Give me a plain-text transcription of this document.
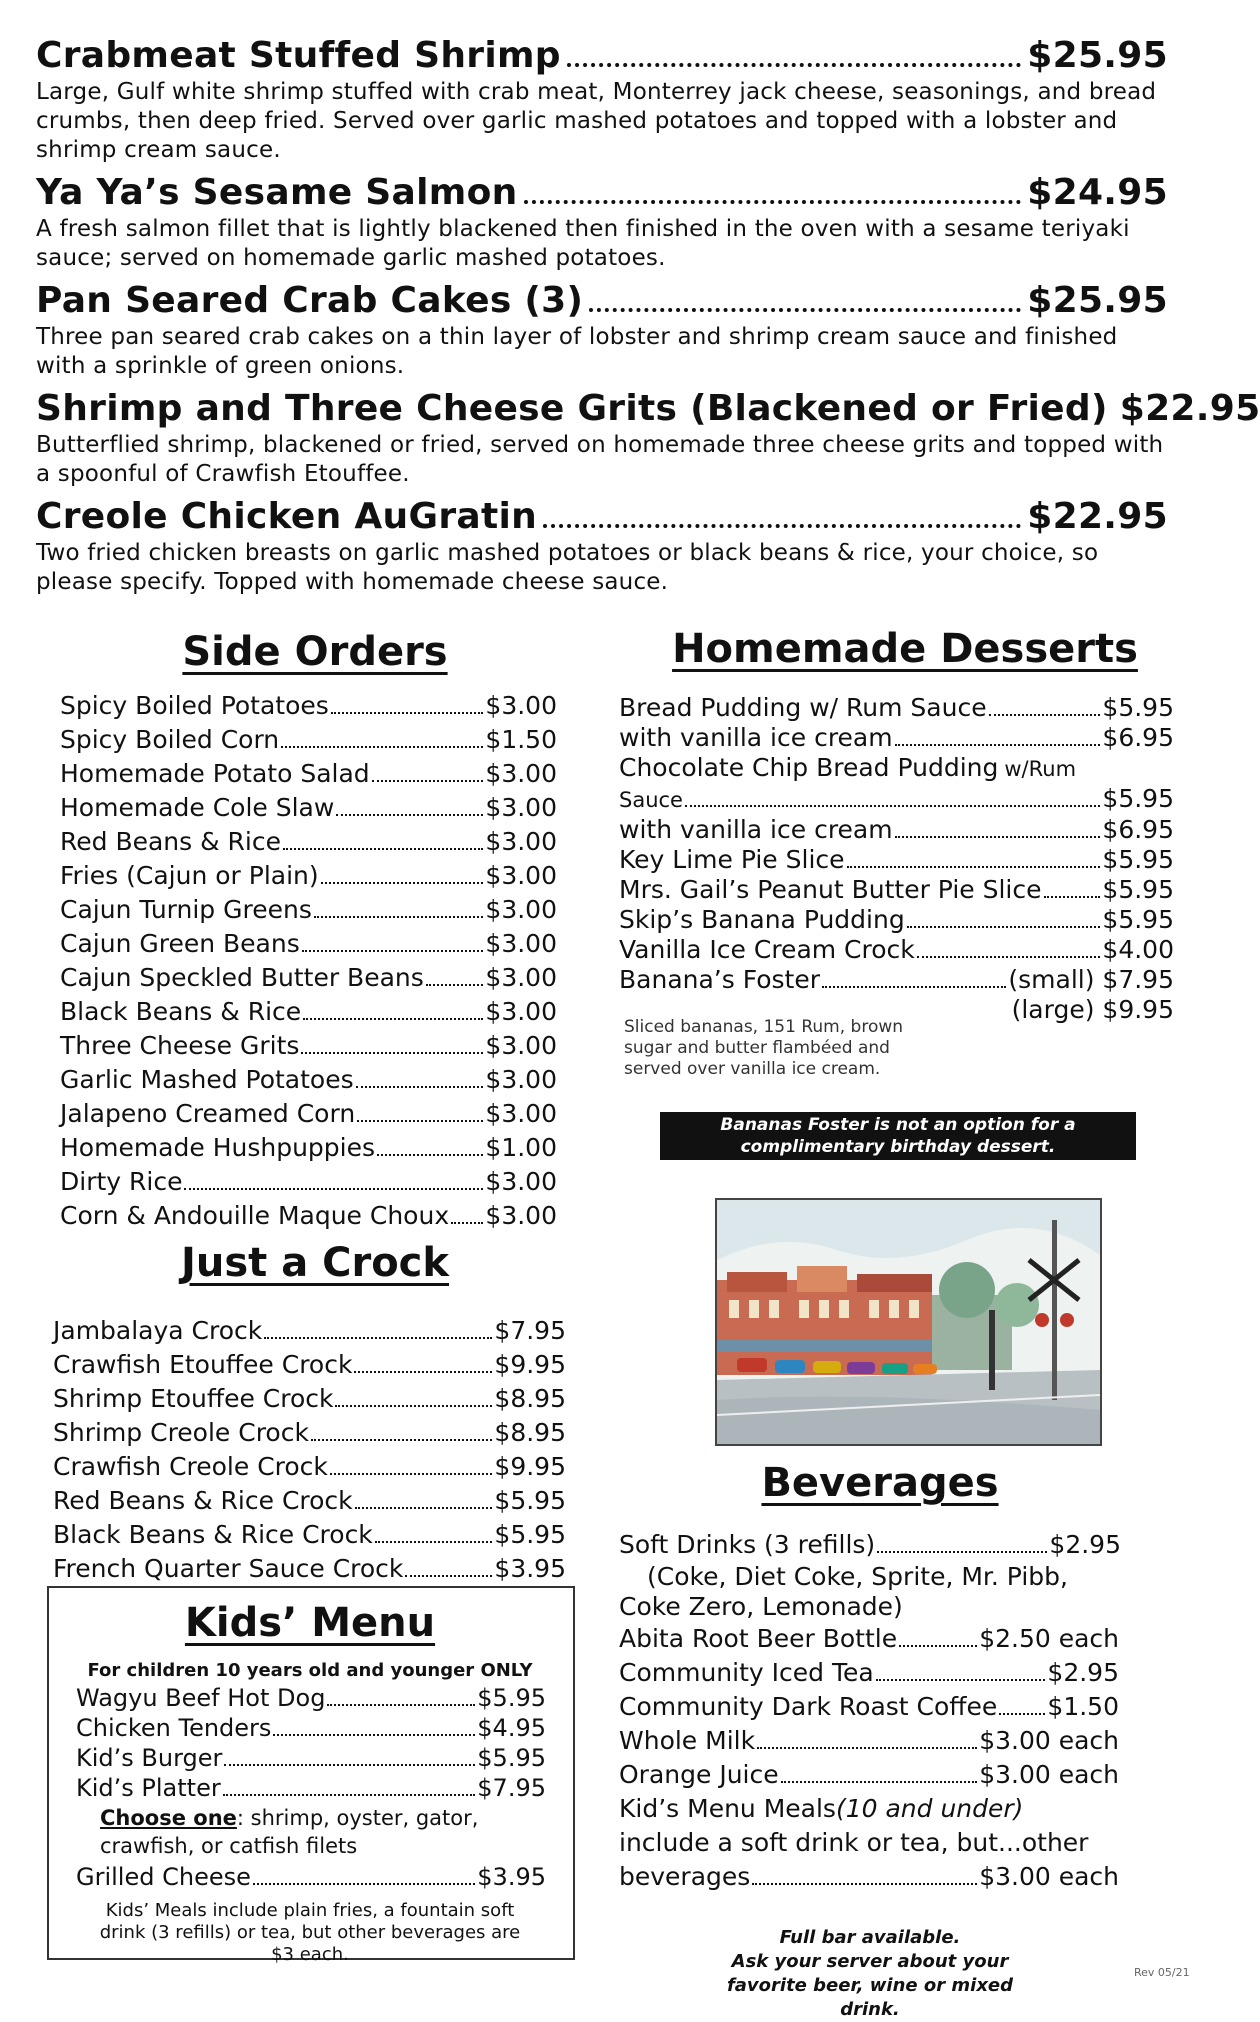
Crabmeat Stuffed Shrimp	$25.95
Large, Gulf white shrimp stuffed with crab meat, Monterrey jack cheese, seasonings, and bread crumbs, then deep fried. Served over garlic mashed potatoes and topped with a lobster and shrimp cream sauce.
Ya Ya’s Sesame Salmon	$24.95
A fresh salmon fillet that is lightly blackened then finished in the oven with a sesame teriyaki sauce; served on homemade garlic mashed potatoes.
Pan Seared Crab Cakes (3)	$25.95
Three pan seared crab cakes on a thin layer of lobster and shrimp cream sauce and finished with a sprinkle of green onions.
Shrimp and Three Cheese Grits (Blackened or Fried) $22.95
Butterflied shrimp, blackened or fried, served on homemade three cheese grits and topped with a spoonful of Crawfish Etouffee.
Creole Chicken AuGratin	$22.95
Two fried chicken breasts on garlic mashed potatoes or black beans & rice, your choice, so please specify. Topped with homemade cheese sauce.
Side Orders
Spicy Boiled Potatoes	$3.00
Spicy Boiled Corn	$1.50
Homemade Potato Salad	$3.00
Homemade Cole Slaw	$3.00
Red Beans & Rice	$3.00
Fries (Cajun or Plain)	$3.00
Cajun Turnip Greens	$3.00
Cajun Green Beans	$3.00
Cajun Speckled Butter Beans $3.00
Black Beans & Rice	$3.00
Three Cheese Grits	$3.00
Garlic Mashed Potatoes	$3.00
Jalapeno Creamed Corn	$3.00
Homemade Hushpuppies	$1.00
Dirty Rice	$3.00
Corn & Andouille Maque Choux $3.00
Homemade Desserts
Bread Pudding w/ Rum Sauce	$5.95
with vanilla ice cream	$6.95
Chocolate Chip Bread Pudding w/Rum
Sauce	$5.95
with vanilla ice cream	$6.95
Key Lime Pie Slice	$5.95
Mrs. Gail’s Peanut Butter Pie Slice $5.95
Skip’s Banana Pudding	$5.95
Vanilla Ice Cream Crock	$4.00
Banana’s Foster	(small) $7.95
(large) $9.95
Sliced bananas, 151 Rum, brown sugar and butter flambéed and served over vanilla ice cream.
Bananas Foster is not an option for a complimentary birthday dessert.
Just a Crock
Jambalaya Crock	$7.95
Crawfish Etouffee Crock	$9.95
Shrimp Etouffee Crock	$8.95
Shrimp Creole Crock	$8.95
Crawfish Creole Crock	$9.95
Red Beans & Rice Crock	$5.95
Black Beans & Rice Crock	$5.95
French Quarter Sauce Crock	$3.95
Kids’ Menu
For children 10 years old and younger ONLY
Wagyu Beef Hot Dog	$5.95
Chicken Tenders	$4.95
Kid’s Burger	$5.95
Kid’s Platter	$7.95
Choose one: shrimp, oyster, gator, crawfish, or catfish filets
Grilled Cheese	$3.95
Kids’ Meals include plain fries, a fountain soft drink (3 refills) or tea, but other beverages are $3 each.
Beverages
Soft Drinks (3 refills)	$2.95
(Coke, Diet Coke, Sprite, Mr. Pibb, Coke Zero, Lemonade)
Abita Root Beer Bottle	$2.50 each
Community Iced Tea	$2.95
Community Dark Roast Coffee $1.50
Whole Milk	$3.00 each
Orange Juice	$3.00 each
Kid’s Menu Meals (10 and under)
include a soft drink or tea, but...other
beverages	$3.00 each
Full bar available.
Ask your server about your favorite beer, wine or mixed drink.
Rev 05/21
